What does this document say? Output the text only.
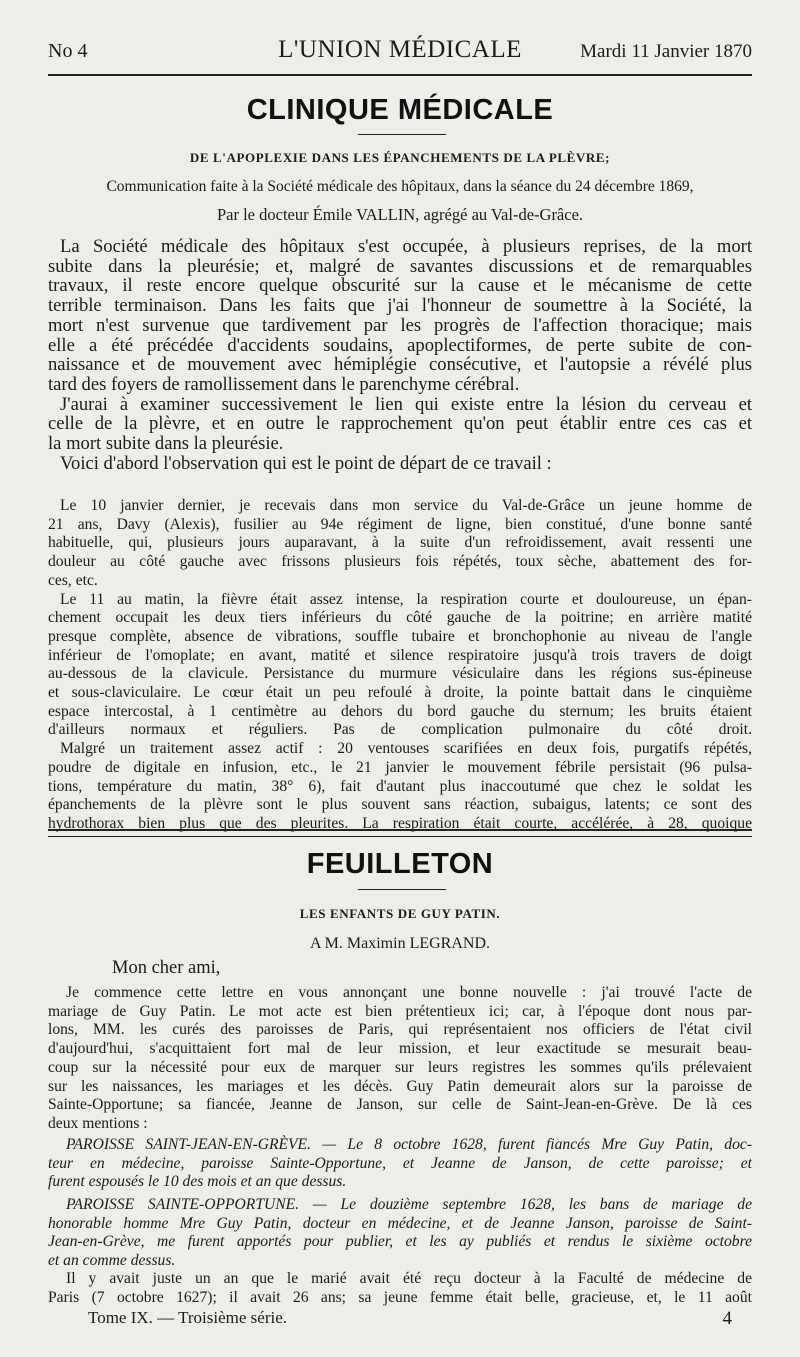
No 4	L'UNION MÉDICALE	Mardi 11 Janvier 1870
CLINIQUE MÉDICALE
DE L'APOPLEXIE DANS LES ÉPANCHEMENTS DE LA PLÈVRE;
Communication faite à la Société médicale des hôpitaux, dans la séance du 24 décembre 1869,
Par le docteur Émile VALLIN, agrégé au Val-de-Grâce.
La Société médicale des hôpitaux s'est occupée, à plusieurs reprises, de la mort
subite dans la pleurésie; et, malgré de savantes discussions et de remarquables
travaux, il reste encore quelque obscurité sur la cause et le mécanisme de cette
terrible terminaison. Dans les faits que j'ai l'honneur de soumettre à la Société, la
mort n'est survenue que tardivement par les progrès de l'affection thoracique; mais
elle a été précédée d'accidents soudains, apoplectiformes, de perte subite de con-
naissance et de mouvement avec hémiplégie consécutive, et l'autopsie a révélé plus
tard des foyers de ramollissement dans le parenchyme cérébral.
J'aurai à examiner successivement le lien qui existe entre la lésion du cerveau et
celle de la plèvre, et en outre le rapprochement qu'on peut établir entre ces cas et
la mort subite dans la pleurésie.
Voici d'abord l'observation qui est le point de départ de ce travail :
Le 10 janvier dernier, je recevais dans mon service du Val-de-Grâce un jeune homme de
21 ans, Davy (Alexis), fusilier au 94e régiment de ligne, bien constitué, d'une bonne santé
habituelle, qui, plusieurs jours auparavant, à la suite d'un refroidissement, avait ressenti une
douleur au côté gauche avec frissons plusieurs fois répétés, toux sèche, abattement des for-
ces, etc.
Le 11 au matin, la fièvre était assez intense, la respiration courte et douloureuse, un épan-
chement occupait les deux tiers inférieurs du côté gauche de la poitrine; en arrière matité
presque complète, absence de vibrations, souffle tubaire et bronchophonie au niveau de l'angle
inférieur de l'omoplate; en avant, matité et silence respiratoire jusqu'à trois travers de doigt
au-dessous de la clavicule. Persistance du murmure vésiculaire dans les régions sus-épineuse
et sous-claviculaire. Le cœur était un peu refoulé à droite, la pointe battait dans le cinquième
espace intercostal, à 1 centimètre au dehors du bord gauche du sternum; les bruits étaient
d'ailleurs normaux et réguliers. Pas de complication pulmonaire du côté droit.
Malgré un traitement assez actif : 20 ventouses scarifiées en deux fois, purgatifs répétés,
poudre de digitale en infusion, etc., le 21 janvier le mouvement fébrile persistait (96 pulsa-
tions, température du matin, 38° 6), fait d'autant plus inaccoutumé que chez le soldat les
épanchements de la plèvre sont le plus souvent sans réaction, subaigus, latents; ce sont des
hydrothorax bien plus que des pleurites. La respiration était courte, accélérée, à 28, quoique
FEUILLETON
LES ENFANTS DE GUY PATIN.
A M. Maximin LEGRAND.
Mon cher ami,
Je commence cette lettre en vous annonçant une bonne nouvelle : j'ai trouvé l'acte de
mariage de Guy Patin. Le mot acte est bien prétentieux ici; car, à l'époque dont nous par-
lons, MM. les curés des paroisses de Paris, qui représentaient nos officiers de l'état civil
d'aujourd'hui, s'acquittaient fort mal de leur mission, et leur exactitude se mesurait beau-
coup sur la nécessité pour eux de marquer sur leurs registres les sommes qu'ils prélevaient
sur les naissances, les mariages et les décès. Guy Patin demeurait alors sur la paroisse de
Sainte-Opportune; sa fiancée, Jeanne de Janson, sur celle de Saint-Jean-en-Grève. De là ces
deux mentions :
PAROISSE SAINT-JEAN-EN-GRÈVE. — Le 8 octobre 1628, furent fiancés Mre Guy Patin, doc-
teur en médecine, paroisse Sainte-Opportune, et Jeanne de Janson, de cette paroisse; et
furent espousés le 10 des mois et an que dessus.
PAROISSE SAINTE-OPPORTUNE. — Le douzième septembre 1628, les bans de mariage de
honorable homme Mre Guy Patin, docteur en médecine, et de Jeanne Janson, paroisse de Saint-
Jean-en-Grève, me furent apportés pour publier, et les ay publiés et rendus le sixième octobre
et an comme dessus.
Il y avait juste un an que le marié avait été reçu docteur à la Faculté de médecine de
Paris (7 octobre 1627); il avait 26 ans; sa jeune femme était belle, gracieuse, et, le 11 août
Tome IX. — Troisième série.	4
